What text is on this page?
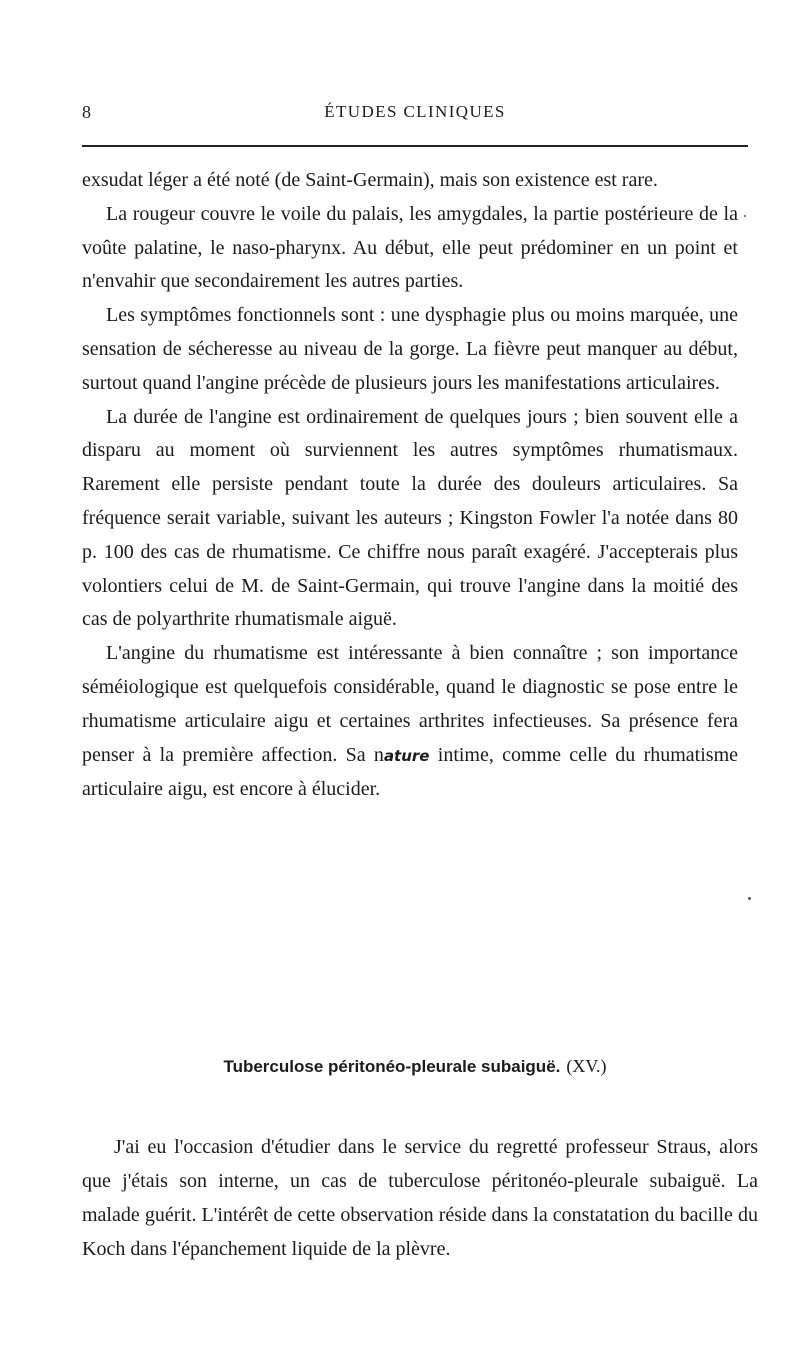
8	ÉTUDES CLINIQUES

exsudat léger a été noté (de Saint-Germain), mais son existence est rare.

La rougeur couvre le voile du palais, les amygdales, la partie postérieure de la voûte palatine, le naso-pharynx. Au début, elle peut prédominer en un point et n'envahir que secondairement les autres parties.

Les symptômes fonctionnels sont : une dysphagie plus ou moins marquée, une sensation de sécheresse au niveau de la gorge. La fièvre peut manquer au début, surtout quand l'angine précède de plusieurs jours les manifestations articulaires.

La durée de l'angine est ordinairement de quelques jours ; bien souvent elle a disparu au moment où surviennent les autres symptômes rhumatismaux. Rarement elle persiste pendant toute la durée des douleurs articulaires. Sa fréquence serait variable, suivant les auteurs ; Kingston Fowler l'a notée dans 80 p. 100 des cas de rhumatisme. Ce chiffre nous paraît exagéré. J'accepterais plus volontiers celui de M. de Saint-Germain, qui trouve l'angine dans la moitié des cas de polyarthrite rhumatismale aiguë.

L'angine du rhumatisme est intéressante à bien connaître ; son importance séméiologique est quelquefois considérable, quand le diagnostic se pose entre le rhumatisme articulaire aigu et certaines arthrites infectieuses. Sa présence fera penser à la première affection. Sa nature intime, comme celle du rhumatisme articulaire aigu, est encore à élucider.

Tuberculose péritonéo-pleurale subaiguë. (XV.)

J'ai eu l'occasion d'étudier dans le service du regretté professeur Straus, alors que j'étais son interne, un cas de tuberculose péritonéo-pleurale subaiguë. La malade guérit. L'intérêt de cette observation réside dans la constatation du bacille du Koch dans l'épanchement liquide de la plèvre.
